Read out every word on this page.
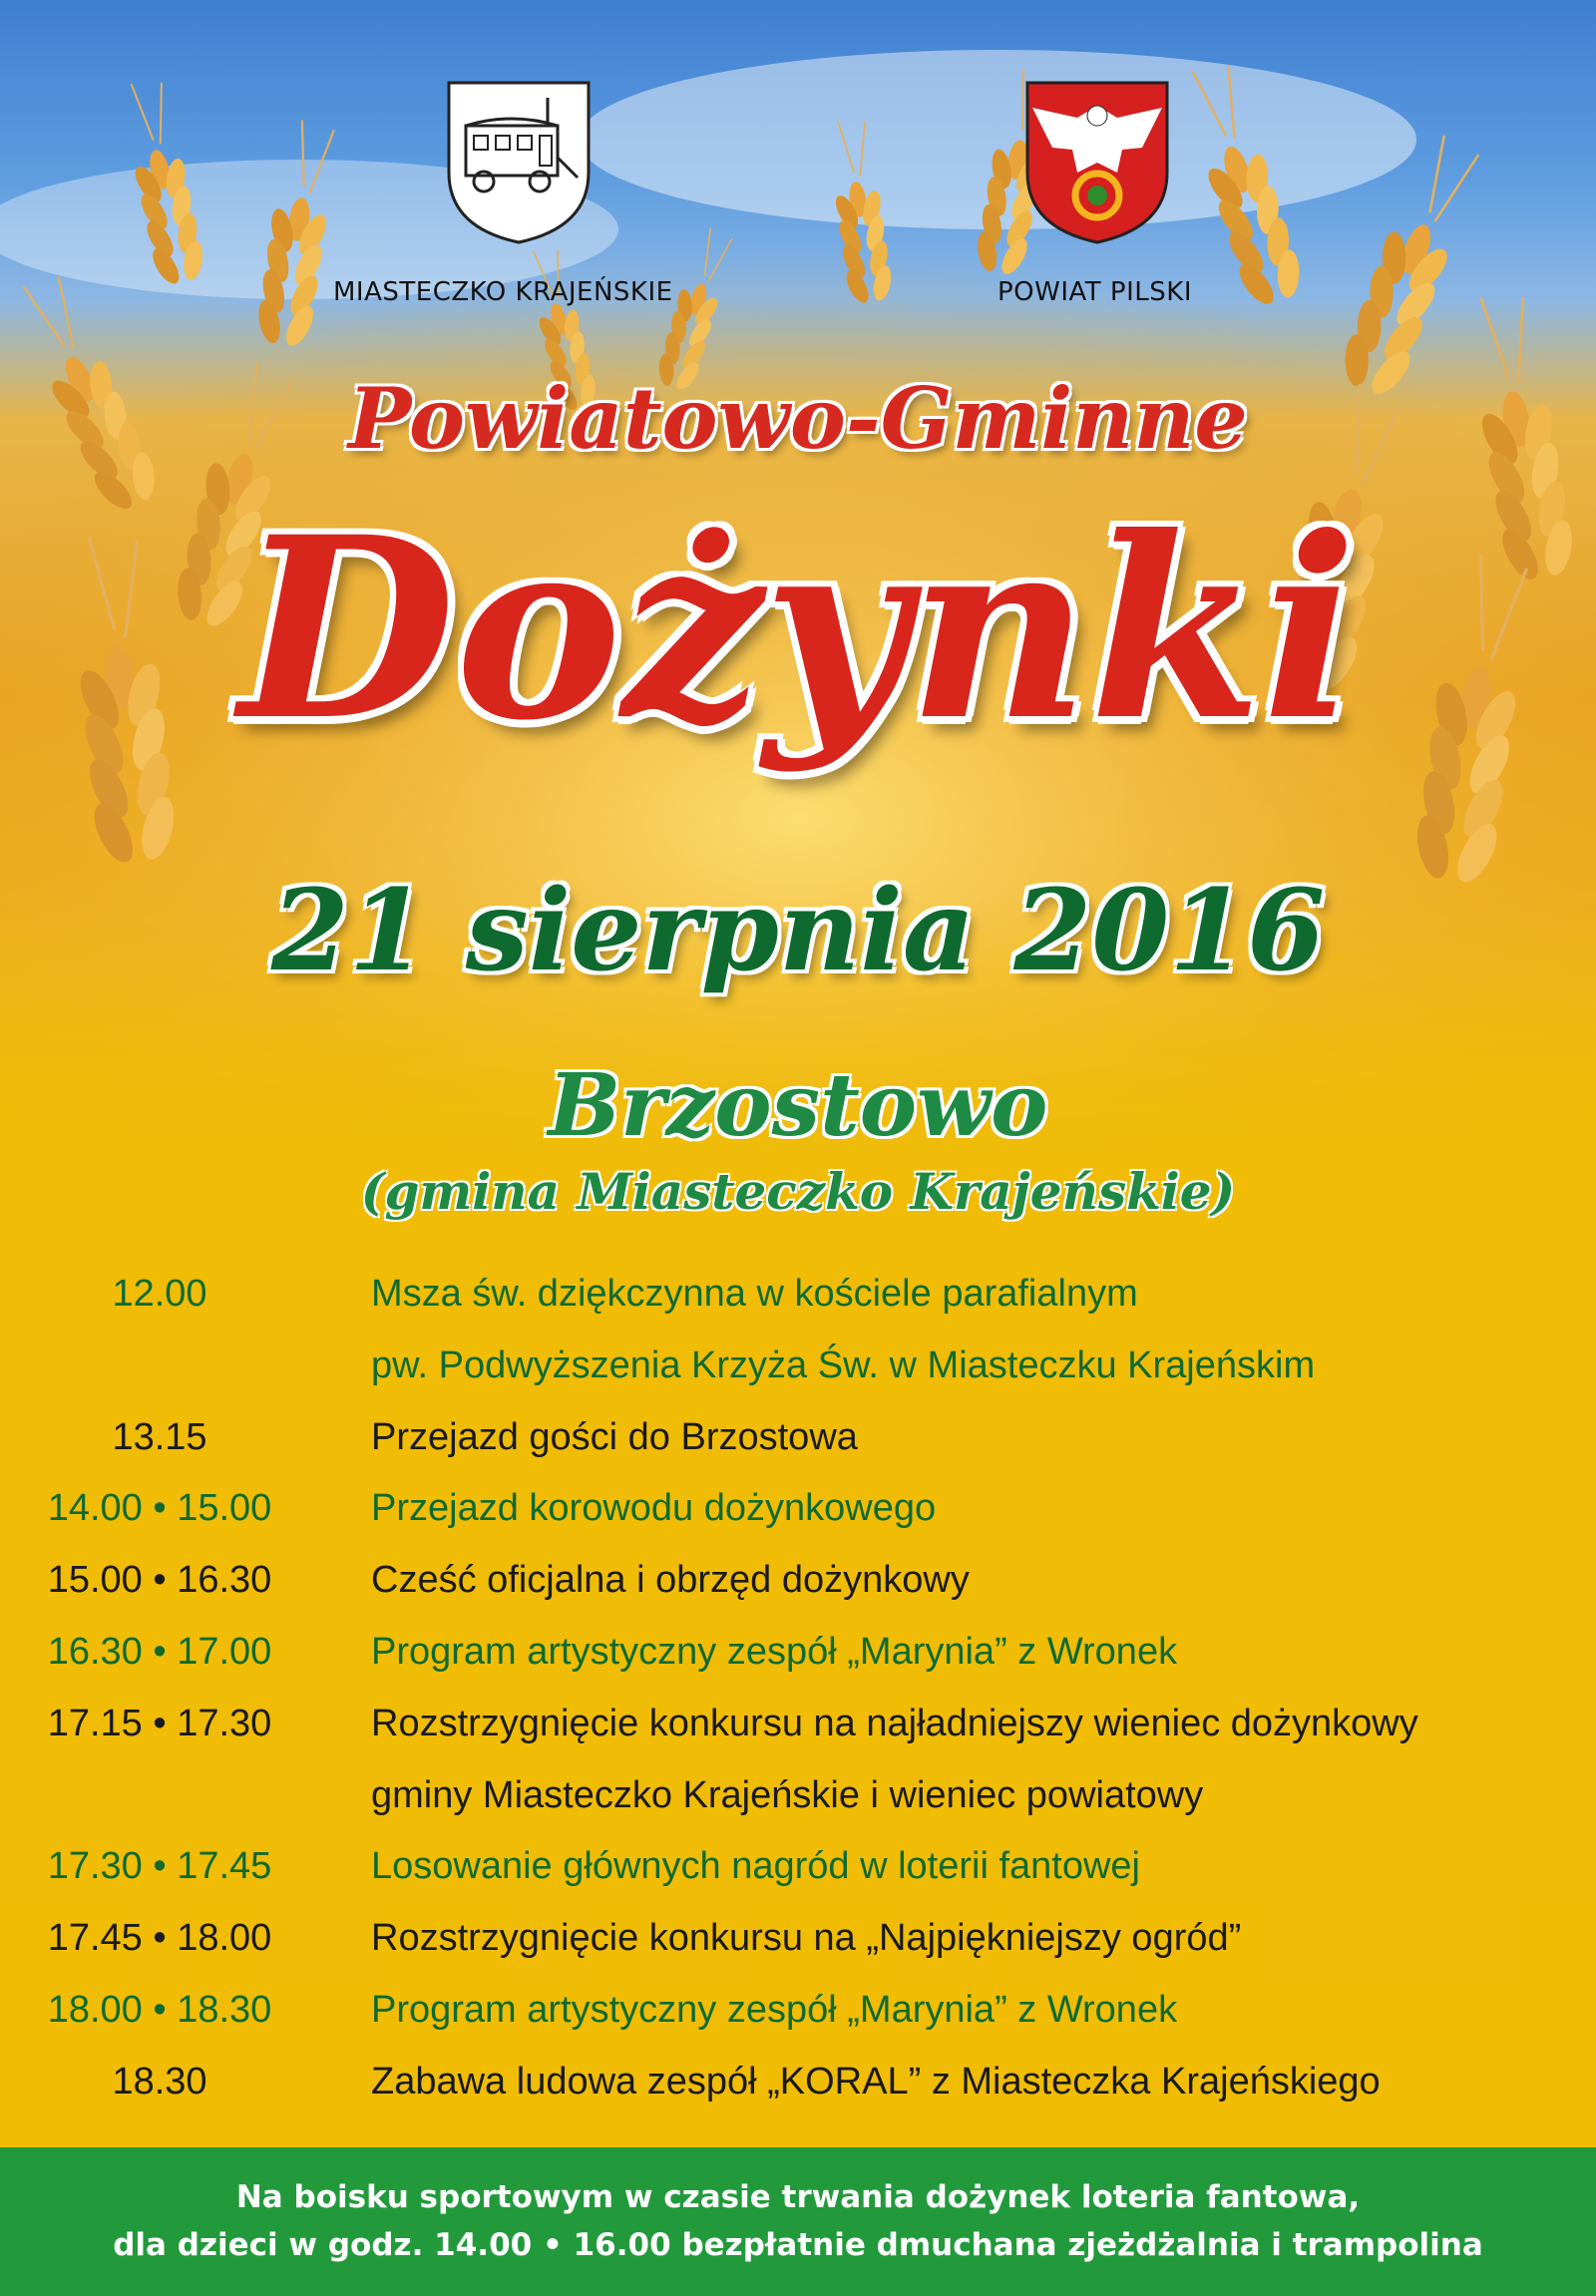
MIASTECZKO KRAJEŃSKIE	POWIAT PILSKI
Powiatowo-Gminne
Dożynki
21 sierpnia 2016
Brzostowo
(gmina Miasteczko Krajeńskie)
12.00	Msza św. dziękczynna w kościele parafialnym
pw. Podwyższenia Krzyża Św. w Miasteczku Krajeńskim
13.15	Przejazd gości do Brzostowa
14.00 • 15.00	Przejazd korowodu dożynkowego
15.00 • 16.30	Cześć oficjalna i obrzęd dożynkowy
16.30 • 17.00	Program artystyczny zespół „Marynia” z Wronek
17.15 • 17.30	Rozstrzygnięcie konkursu na najładniejszy wieniec dożynkowy
gminy Miasteczko Krajeńskie i wieniec powiatowy
17.30 • 17.45	Losowanie głównych nagród w loterii fantowej
17.45 • 18.00	Rozstrzygnięcie konkursu na „Najpiękniejszy ogród”
18.00 • 18.30	Program artystyczny zespół „Marynia” z Wronek
18.30	Zabawa ludowa zespół „KORAL” z Miasteczka Krajeńskiego
Na boisku sportowym w czasie trwania dożynek loteria fantowa,
dla dzieci w godz. 14.00 • 16.00 bezpłatnie dmuchana zjeżdżalnia i trampolina
